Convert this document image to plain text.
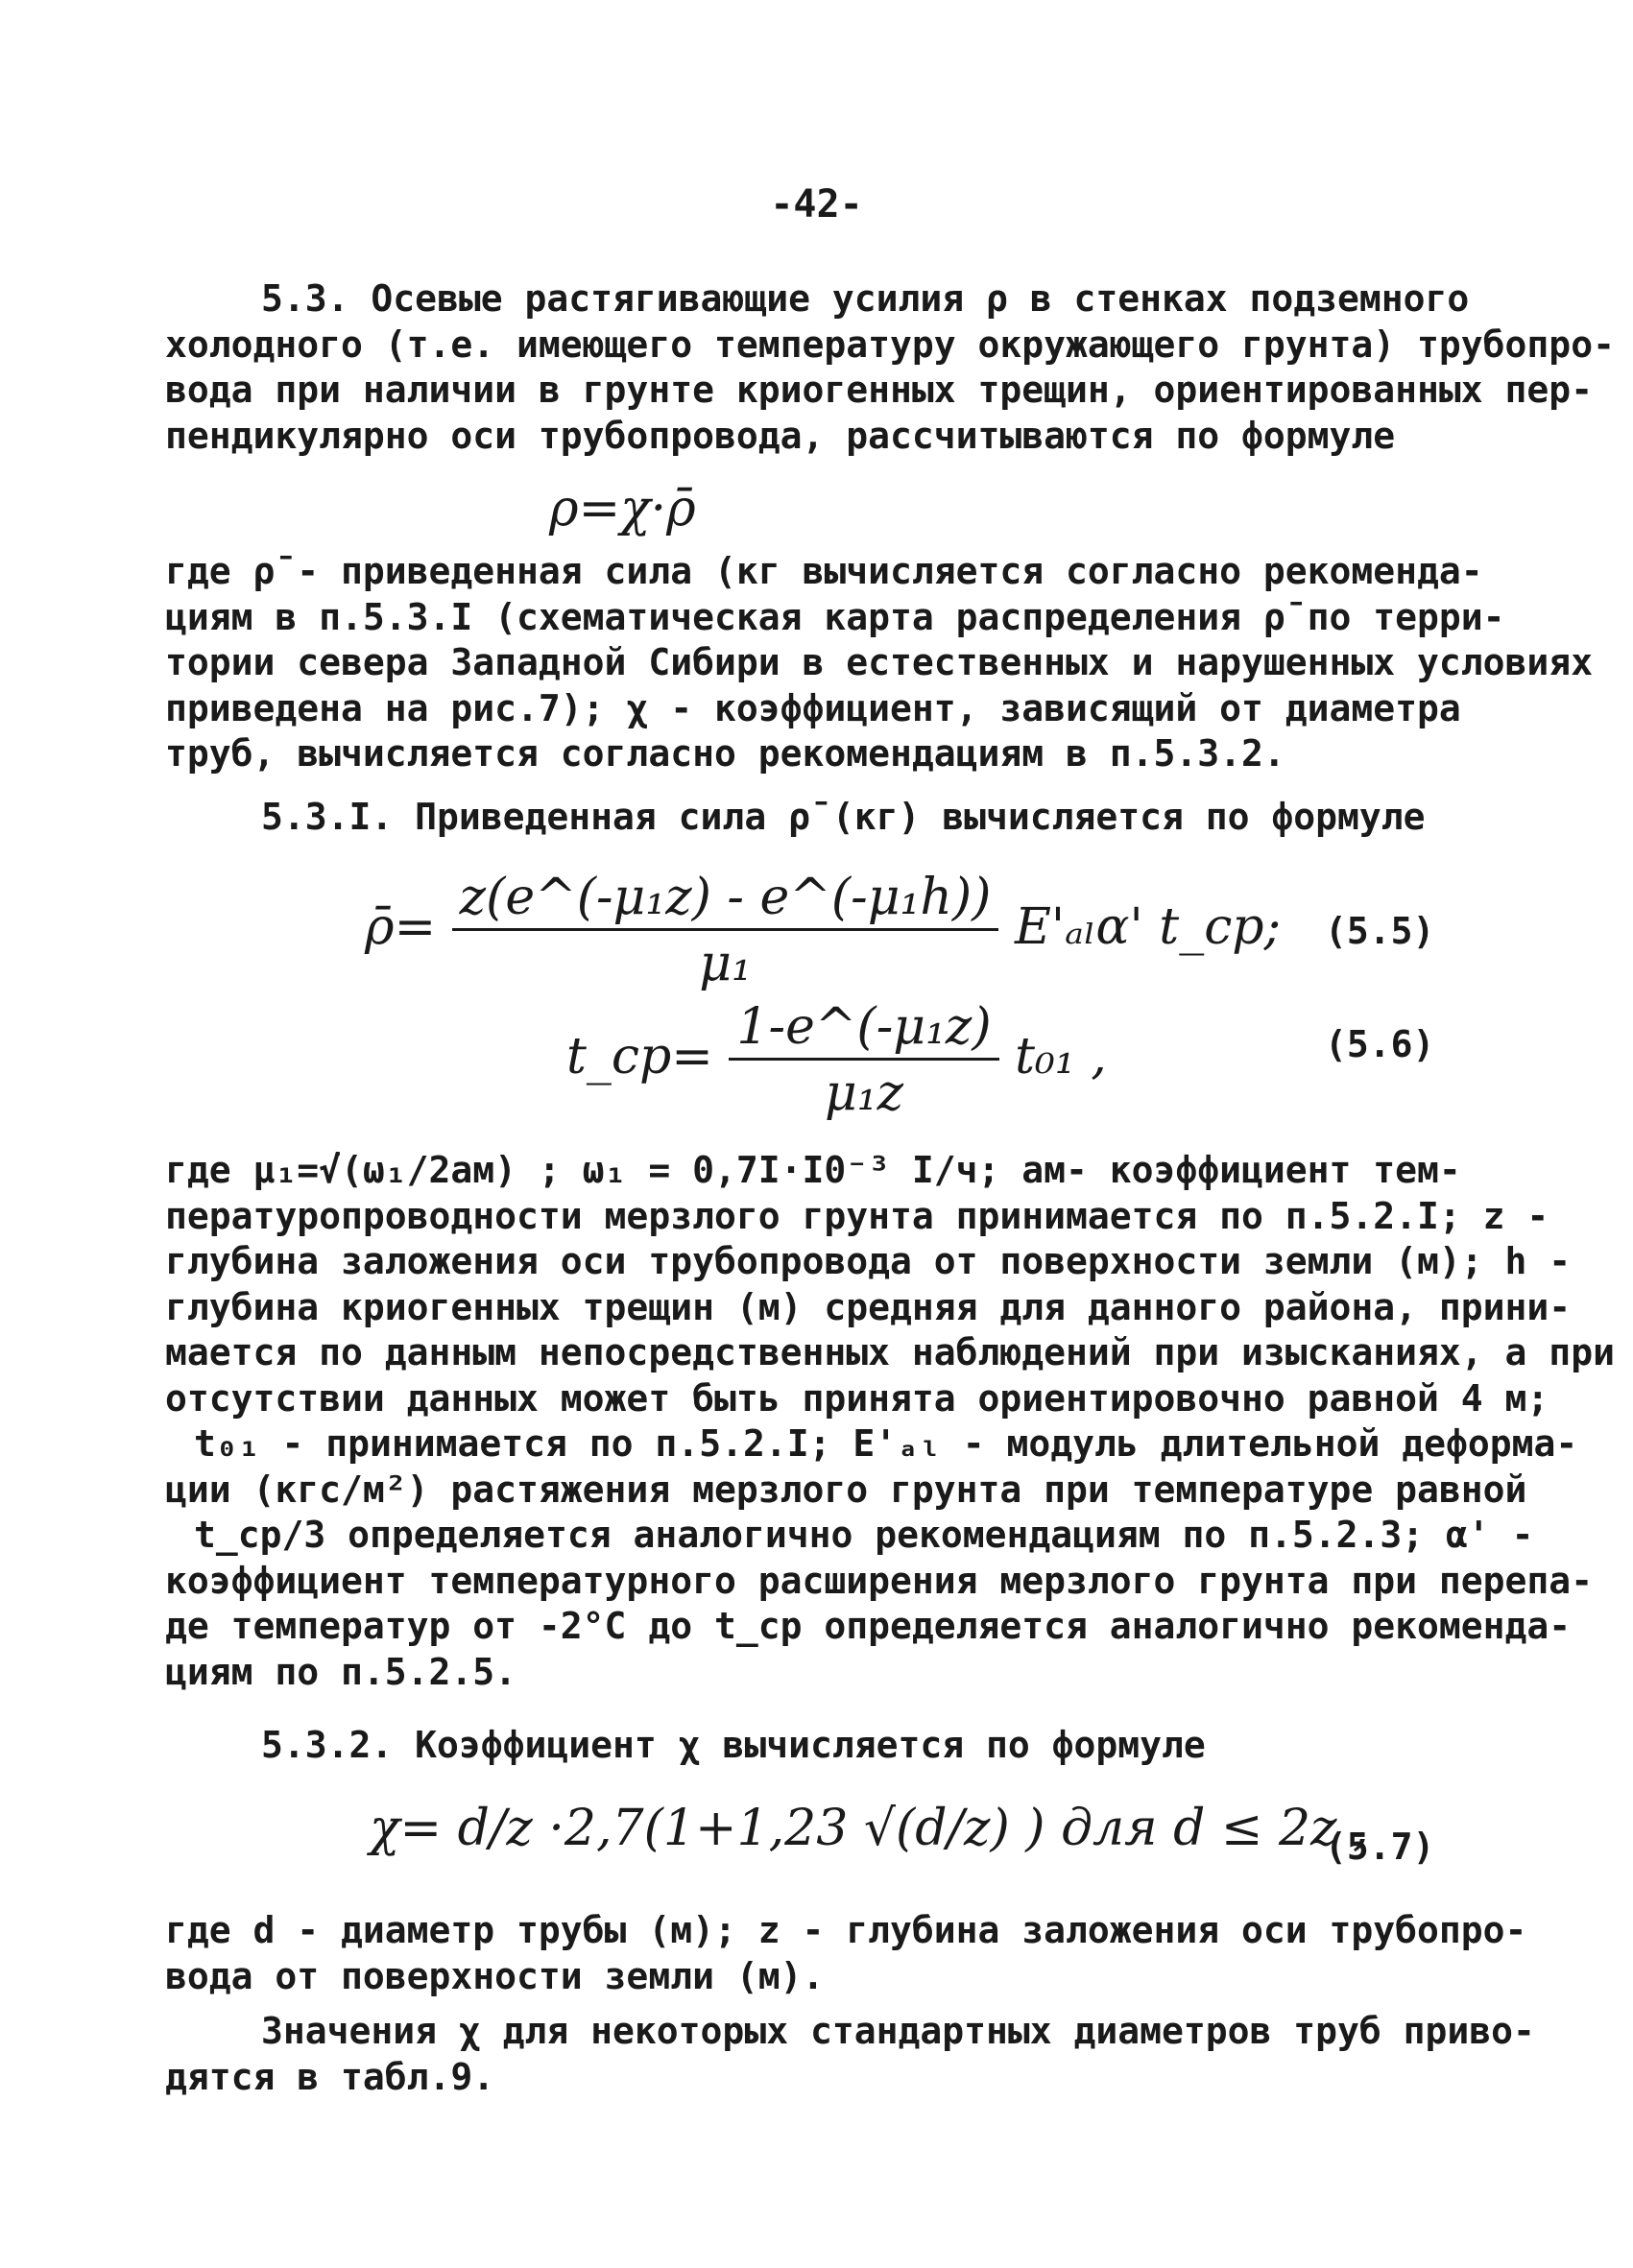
-42-
5.3. Осевые растягивающие усилия ρ в стенках подземного
холодного (т.е. имеющего температуру окружающего грунта) трубопро-
вода при наличии в грунте криогенных трещин, ориентированных пер-
пендикулярно оси трубопровода, рассчитываются по формуле
ρ=χ·ρ̄
где ρ̄ - приведенная сила (кг вычисляется согласно рекоменда-
циям в п.5.3.I (схематическая карта распределения ρ̄ по терри-
тории севера Западной Сибири в естественных и нарушенных условиях
приведена на рис.7); χ - коэффициент, зависящий от диаметра
труб, вычисляется согласно рекомендациям в п.5.3.2.
5.3.I. Приведенная сила ρ̄ (кг) вычисляется по формуле
ρ̄= $\frac{\text{z(e\textasciicircum{}(-μ₁z) - e\textasciicircum{}(-μ₁h))}}{\text{μ₁}} E'_{al}\alpha'$ t_cp; (5.5)
t_cp= $\frac{\text{1-e\textasciicircum{}(-μ₁z)}}{\text{μ₁z}} t_{01}$ ,	(5.6)
где μ₁=√(ω₁/2aм) ; ω₁ = 0,7I·I0⁻³ I/ч; aм- коэффициент тем-
пературопроводности мерзлого грунта принимается по п.5.2.I; z -
глубина заложения оси трубопровода от поверхности земли (м); h -
глубина криогенных трещин (м) средняя для данного района, прини-
мается по данным непосредственных наблюдений при изысканиях, а при
отсутствии данных может быть принята ориентировочно равной 4 м;
t₀₁ - принимается по п.5.2.I; E'ₐₗ - модуль длительной деформа-
ции (кгс/м²) растяжения мерзлого грунта при температуре равной
t_cp/3 определяется аналогично рекомендациям по п.5.2.3; α' -
коэффициент температурного расширения мерзлого грунта при перепа-
де температур от -2°C до t_cp определяется аналогично рекоменда-
циям по п.5.2.5.
5.3.2. Коэффициент χ вычисляется по формуле
χ= d/z ·2,7(1+1,23 √(d/z) ) для d ≤ 2z ,
(5.7)
где d - диаметр трубы (м); z - глубина заложения оси трубопро-
вода от поверхности земли (м).
Значения χ для некоторых стандартных диаметров труб приво-
дятся в табл.9.
